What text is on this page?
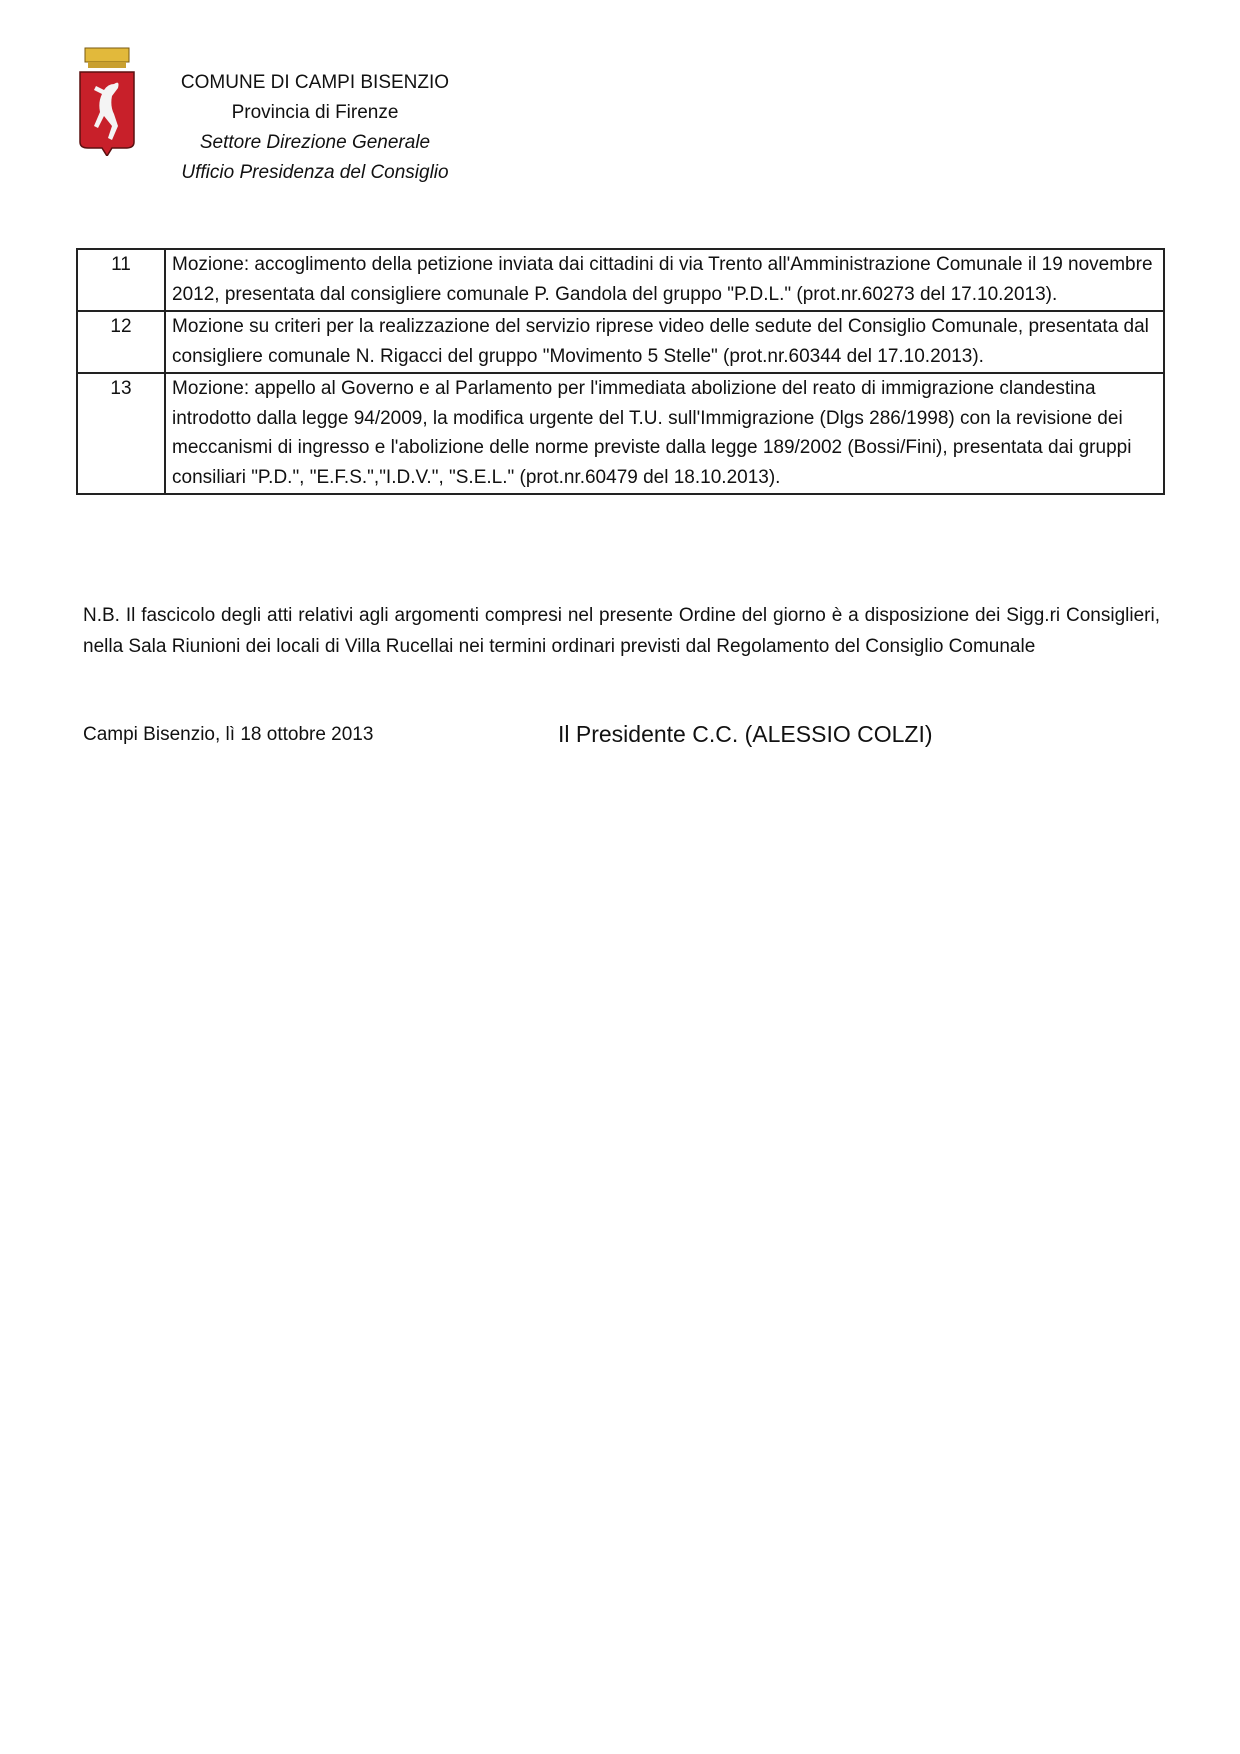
COMUNE DI CAMPI BISENZIO
Provincia di Firenze
Settore Direzione Generale
Ufficio Presidenza del Consiglio
11	Mozione: accoglimento della petizione inviata dai cittadini di via Trento all'Amministrazione Comunale il 19 novembre 2012, presentata dal consigliere comunale P. Gandola del gruppo "P.D.L." (prot.nr.60273 del 17.10.2013).
12	Mozione su criteri per la realizzazione del servizio riprese video delle sedute del Consiglio Comunale, presentata dal consigliere comunale N. Rigacci del gruppo "Movimento 5 Stelle" (prot.nr.60344 del 17.10.2013).
13	Mozione: appello al Governo e al Parlamento per l'immediata abolizione del reato di immigrazione clandestina introdotto dalla legge 94/2009, la modifica urgente del T.U. sull'Immigrazione (Dlgs 286/1998) con la revisione dei meccanismi di ingresso e l'abolizione delle norme previste dalla legge 189/2002 (Bossi/Fini), presentata dai gruppi consiliari "P.D.", "E.F.S.","I.D.V.", "S.E.L." (prot.nr.60479 del 18.10.2013).
N.B. Il fascicolo degli atti relativi agli argomenti compresi nel presente Ordine del giorno è a disposizione dei Sigg.ri Consiglieri, nella Sala Riunioni dei locali di Villa Rucellai nei termini ordinari previsti dal Regolamento del Consiglio Comunale
Campi Bisenzio, lì 18 ottobre 2013	Il Presidente C.C. (ALESSIO COLZI)
